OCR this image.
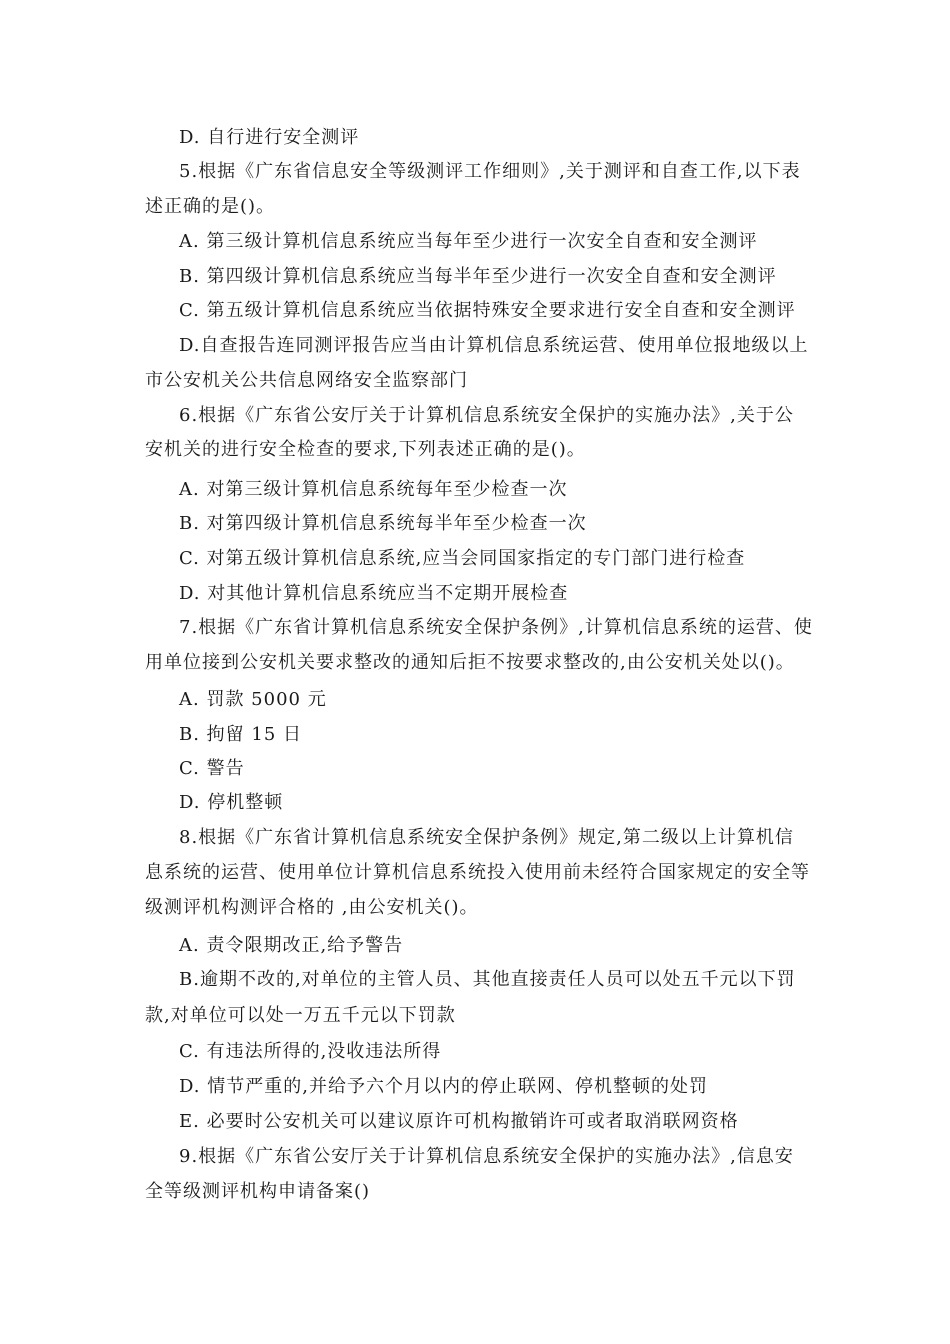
D. 自行进行安全测评
5.根据《广东省信息安全等级测评工作细则》,关于测评和自查工作,以下表
述正确的是()。
A. 第三级计算机信息系统应当每年至少进行一次安全自查和安全测评
B. 第四级计算机信息系统应当每半年至少进行一次安全自查和安全测评
C. 第五级计算机信息系统应当依据特殊安全要求进行安全自查和安全测评
D.自查报告连同测评报告应当由计算机信息系统运营、使用单位报地级以上
市公安机关公共信息网络安全监察部门
6.根据《广东省公安厅关于计算机信息系统安全保护的实施办法》,关于公
安机关的进行安全检查的要求,下列表述正确的是()。
A. 对第三级计算机信息系统每年至少检查一次
B. 对第四级计算机信息系统每半年至少检查一次
C. 对第五级计算机信息系统,应当会同国家指定的专门部门进行检查
D. 对其他计算机信息系统应当不定期开展检查
7.根据《广东省计算机信息系统安全保护条例》,计算机信息系统的运营、使
用单位接到公安机关要求整改的通知后拒不按要求整改的,由公安机关处以()。
A. 罚款 5000 元
B. 拘留 15 日
C. 警告
D. 停机整顿
8.根据《广东省计算机信息系统安全保护条例》规定,第二级以上计算机信
息系统的运营、使用单位计算机信息系统投入使用前未经符合国家规定的安全等
级测评机构测评合格的 ,由公安机关()。
A. 责令限期改正,给予警告
B.逾期不改的,对单位的主管人员、其他直接责任人员可以处五千元以下罚
款,对单位可以处一万五千元以下罚款
C. 有违法所得的,没收违法所得
D. 情节严重的,并给予六个月以内的停止联网、停机整顿的处罚
E. 必要时公安机关可以建议原许可机构撤销许可或者取消联网资格
9.根据《广东省公安厅关于计算机信息系统安全保护的实施办法》,信息安
全等级测评机构申请备案()
